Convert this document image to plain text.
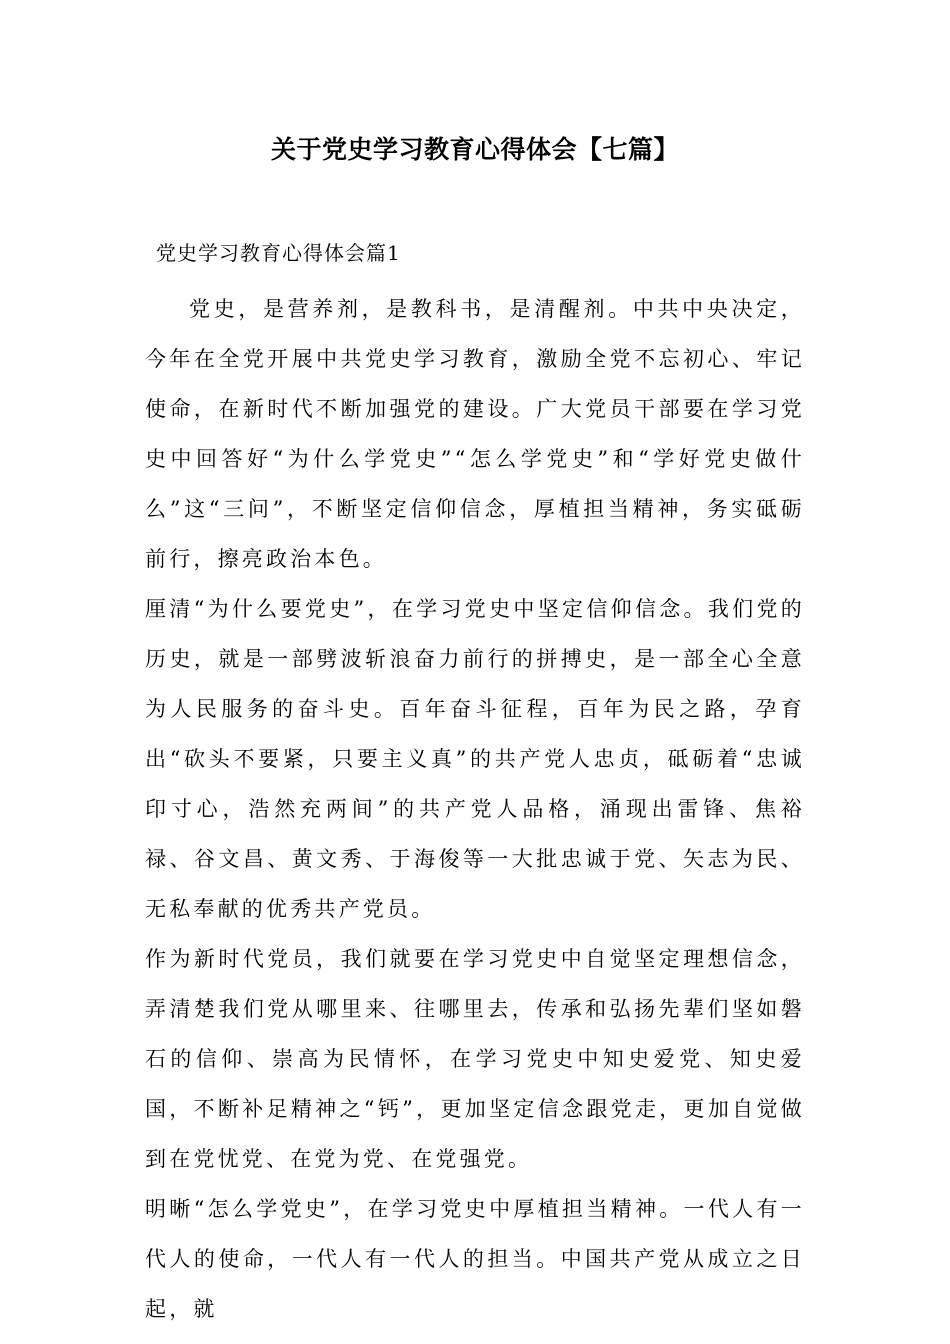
关于党史学习教育心得体会【七篇】

党史学习教育心得体会篇1

党史，是营养剂，是教科书，是清醒剂。中共中央决定，今年在全党开展中共党史学习教育，激励全党不忘初心、牢记使命，在新时代不断加强党的建设。广大党员干部要在学习党史中回答好“为什么学党史”“怎么学党史”和“学好党史做什么”这“三问”，不断坚定信仰信念，厚植担当精神，务实砥砺前行，擦亮政治本色。

厘清“为什么要党史”，在学习党史中坚定信仰信念。我们党的历史，就是一部劈波斩浪奋力前行的拼搏史，是一部全心全意为人民服务的奋斗史。百年奋斗征程，百年为民之路，孕育出“砍头不要紧，只要主义真”的共产党人忠贞，砥砺着“忠诚印寸心，浩然充两间”的共产党人品格，涌现出雷锋、焦裕禄、谷文昌、黄文秀、于海俊等一大批忠诚于党、矢志为民、无私奉献的优秀共产党员。

作为新时代党员，我们就要在学习党史中自觉坚定理想信念，弄清楚我们党从哪里来、往哪里去，传承和弘扬先辈们坚如磐石的信仰、崇高为民情怀，在学习党史中知史爱党、知史爱国，不断补足精神之“钙”，更加坚定信念跟党走，更加自觉做到在党忧党、在党为党、在党强党。

明晰“怎么学党史”，在学习党史中厚植担当精神。一代人有一代人的使命，一代人有一代人的担当。中国共产党从成立之日起，就
